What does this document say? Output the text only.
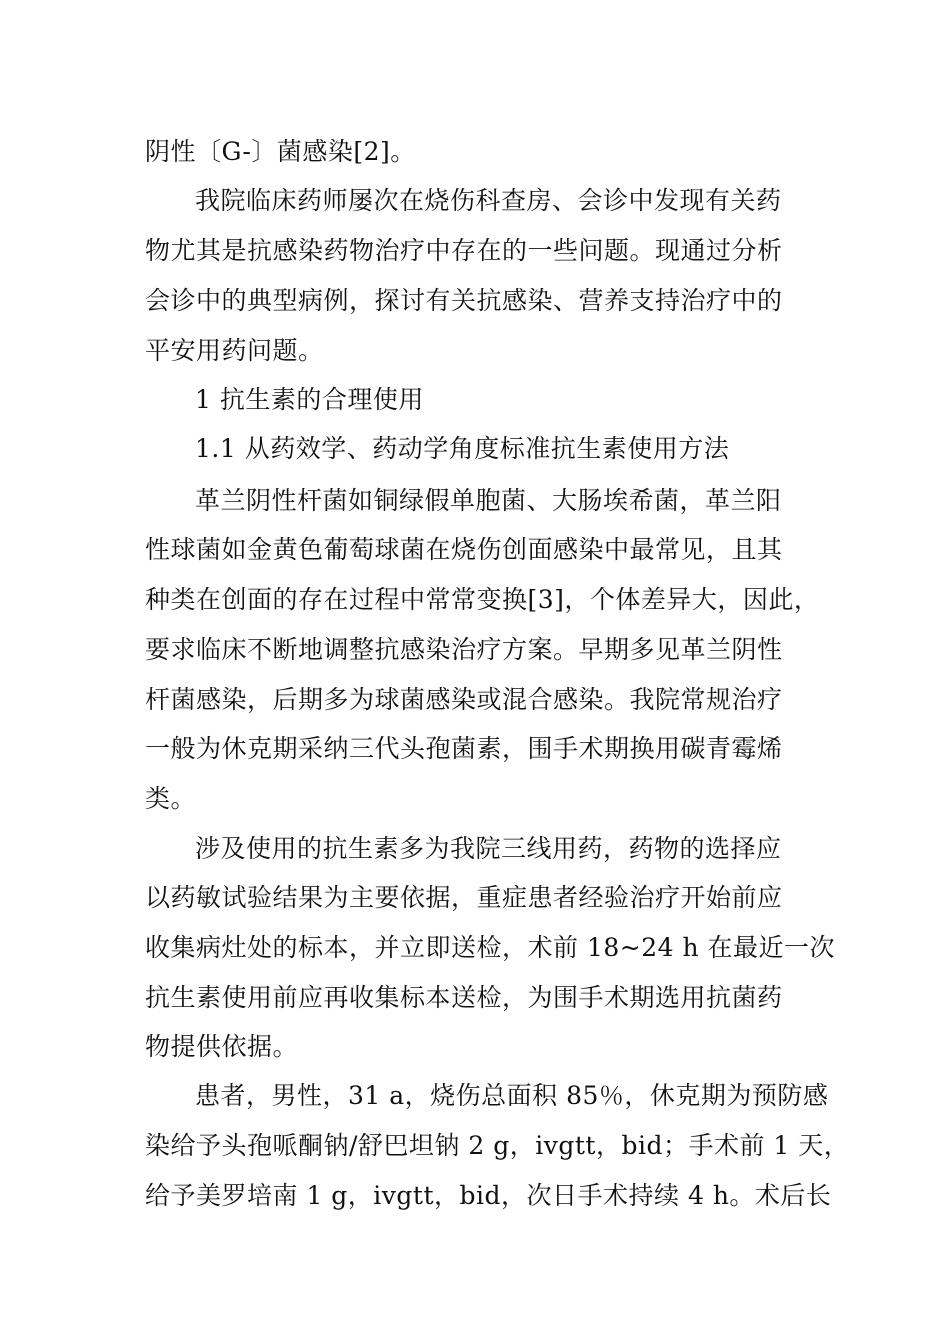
阴性〔G-〕菌感染[2]。
我院临床药师屡次在烧伤科查房、会诊中发现有关药
物尤其是抗感染药物治疗中存在的一些问题。现通过分析
会诊中的典型病例，探讨有关抗感染、营养支持治疗中的
平安用药问题。
1 抗生素的合理使用
1.1 从药效学、药动学角度标准抗生素使用方法
革兰阴性杆菌如铜绿假单胞菌、大肠埃希菌，革兰阳
性球菌如金黄色葡萄球菌在烧伤创面感染中最常见，且其
种类在创面的存在过程中常常变换[3]，个体差异大，因此，
要求临床不断地调整抗感染治疗方案。早期多见革兰阴性
杆菌感染，后期多为球菌感染或混合感染。我院常规治疗
一般为休克期采纳三代头孢菌素，围手术期换用碳青霉烯
类。
涉及使用的抗生素多为我院三线用药，药物的选择应
以药敏试验结果为主要依据，重症患者经验治疗开始前应
收集病灶处的标本，并立即送检，术前 18~24 h 在最近一次
抗生素使用前应再收集标本送检，为围手术期选用抗菌药
物提供依据。
患者，男性，31 a，烧伤总面积 85％，休克期为预防感
染给予头孢哌酮钠/舒巴坦钠 2 g，ivgtt，bid；手术前 1 天，
给予美罗培南 1 g，ivgtt，bid，次日手术持续 4 h。术后长
